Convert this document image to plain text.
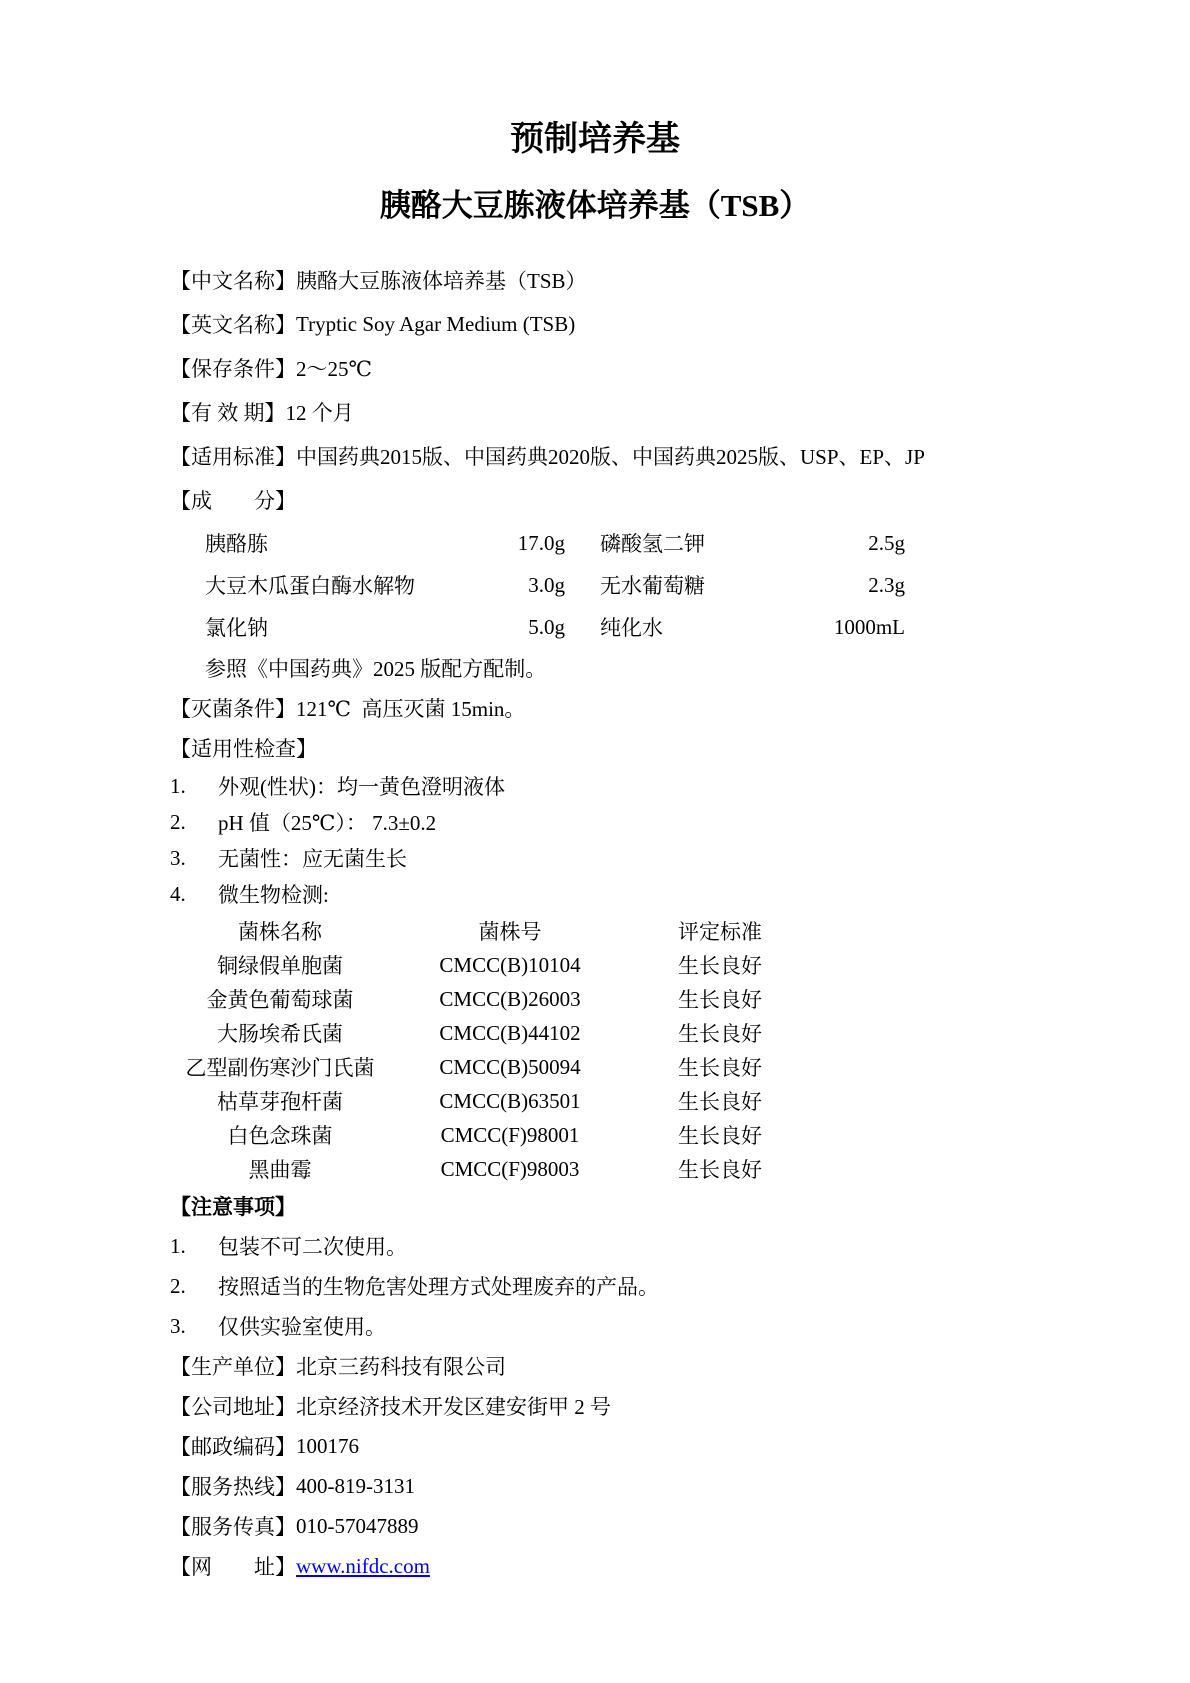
预制培养基
胰酪大豆胨液体培养基（TSB）
【中文名称】 胰酪大豆胨液体培养基（TSB）
【英文名称】 Tryptic Soy Agar Medium (TSB)
【保存条件】 2～25℃
【有 效 期】 12 个月
【适用标准】 中国药典2015版、中国药典2020版、中国药典2025版、USP、EP、JP
【成　　分】
胰酪胨	17.0g 磷酸氢二钾	2.5g
大豆木瓜蛋白酶水解物	3.0g 无水葡萄糖	2.3g
氯化钠	5.0g 纯化水	1000mL
参照《中国药典》2025 版配方配制。
【灭菌条件】 121℃  高压灭菌 15min。
【适用性检查】
1.	外观(性状)：均一黄色澄明液体
2.	pH 值（25℃）： 7.3±0.2
3.	无菌性：应无菌生长
4.	微生物检测:
菌株名称	菌株号	评定标准
铜绿假单胞菌	CMCC(B)10104	生长良好
金黄色葡萄球菌	CMCC(B)26003	生长良好
大肠埃希氏菌	CMCC(B)44102	生长良好
乙型副伤寒沙门氏菌	CMCC(B)50094	生长良好
枯草芽孢杆菌	CMCC(B)63501	生长良好
白色念珠菌	CMCC(F)98001	生长良好
黑曲霉	CMCC(F)98003	生长良好
【注意事项】
1.	包装不可二次使用。
2.	按照适当的生物危害处理方式处理废弃的产品。
3.	仅供实验室使用。
【生产单位】 北京三药科技有限公司
【公司地址】 北京经济技术开发区建安街甲 2 号
【邮政编码】 100176
【服务热线】 400-819-3131
【服务传真】 010-57047889
【网　　址】 www.nifdc.com
